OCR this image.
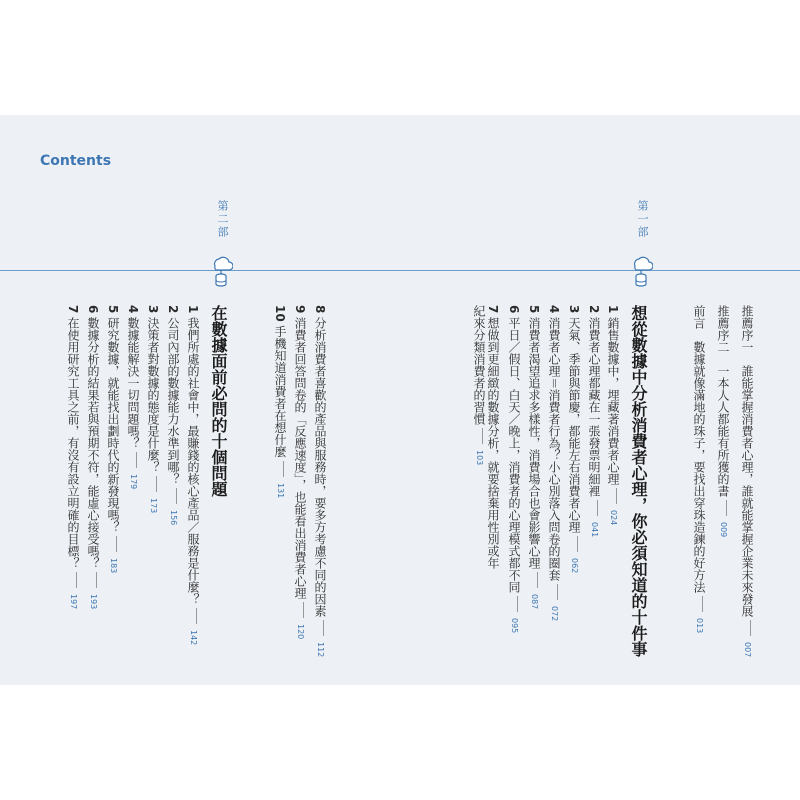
Contents
第一部
第二部
推薦序一　誰能掌握消費者心理，誰就能掌握企業未來發展007
推薦序二　一本人人都能有所獲的書009
前言　數據就像滿地的珠子，要找出穿珠造鍊的好方法013
想從數據中分析消費者心理，你必須知道的十件事
1 銷售數據中，埋藏著消費者心理024
2 消費者心理都藏在一張發票明細裡041
3 天氣、季節與節慶，都能左右消費者心理062
4 消費者心理＝消費者行為？小心別落入問卷的圈套072
5 消費者渴望追求多樣性，消費場合也會影響心理087
6 平日／假日、白天／晚上，消費者的心理模式都不同095
7 想做到更細緻的數據分析，就要捨棄用性別或年紀來分類消費者的習慣103
8 分析消費者喜歡的產品與服務時，要多方考慮不同的因素112
9 消費者回答問卷的「反應速度」，也能看出消費者心理120
10 手機知道消費者在想什麼131
在數據面前必問的十個問題
1 我們所處的社會中，最賺錢的核心產品／服務是什麼？142
2 公司內部的數據能力水準到哪？156
3 決策者對數據的態度是什麼？173
4 數據能解決一切問題嗎？179
5 研究數據，就能找出劃時代的新發現嗎？183
6 數據分析的結果若與預期不符，能虛心接受嗎？193
7 在使用研究工具之前，有沒有設立明確的目標？197
